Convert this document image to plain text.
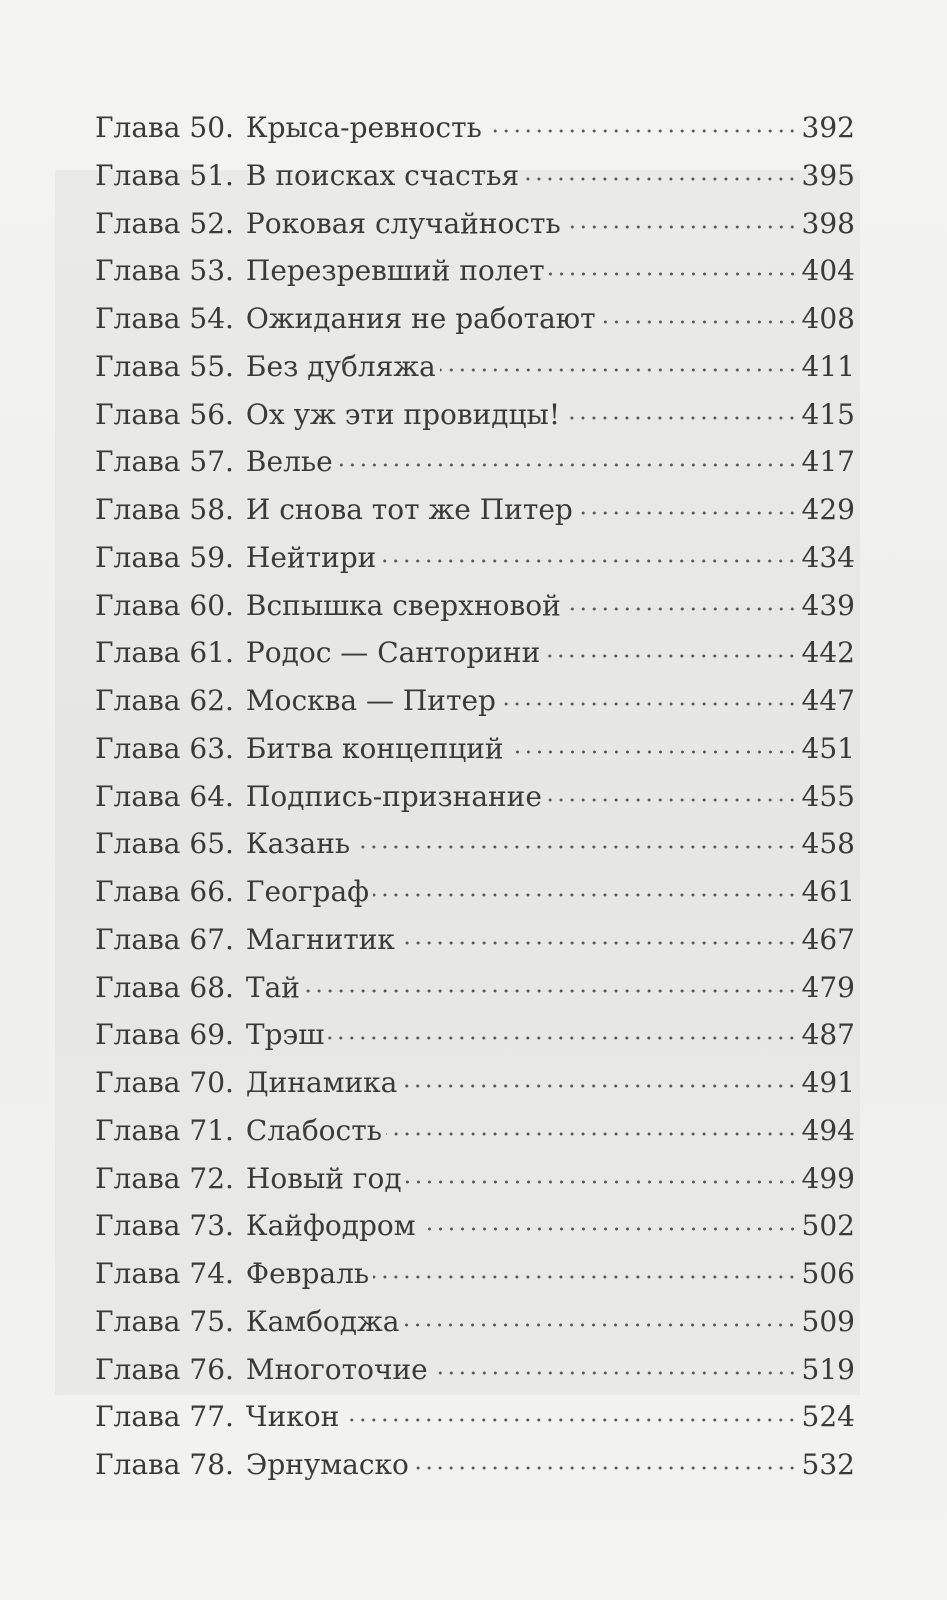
Глава 50 . Крыса-ревность	392
Глава 51 . В поисках счастья	395
Глава 52 . Роковая случайность	398
Глава 53 . Перезревший полет	404
Глава 54 . Ожидания не работают	408
Глава 55 . Без дубляжа	411
Глава 56 . Ох уж эти провидцы!	415
Глава 57 . Велье	417
Глава 58 . И снова тот же Питер	429
Глава 59 . Нейтири	434
Глава 60 . Вспышка сверхновой	439
Глава 61 . Родос — Санторини	442
Глава 62 . Москва — Питер	447
Глава 63 . Битва концепций	451
Глава 64 . Подпись-признание	455
Глава 65 . Казань	458
Глава 66 . Географ	461
Глава 67 . Магнитик	467
Глава 68 . Тай	479
Глава 69 . Трэш	487
Глава 70 . Динамика	491
Глава 71 . Слабость	494
Глава 72 . Новый год	499
Глава 73 . Кайфодром	502
Глава 74 . Февраль	506
Глава 75 . Камбоджа	509
Глава 76 . Многоточие	519
Глава 77 . Чикон	524
Глава 78 . Эрнумаско	532
